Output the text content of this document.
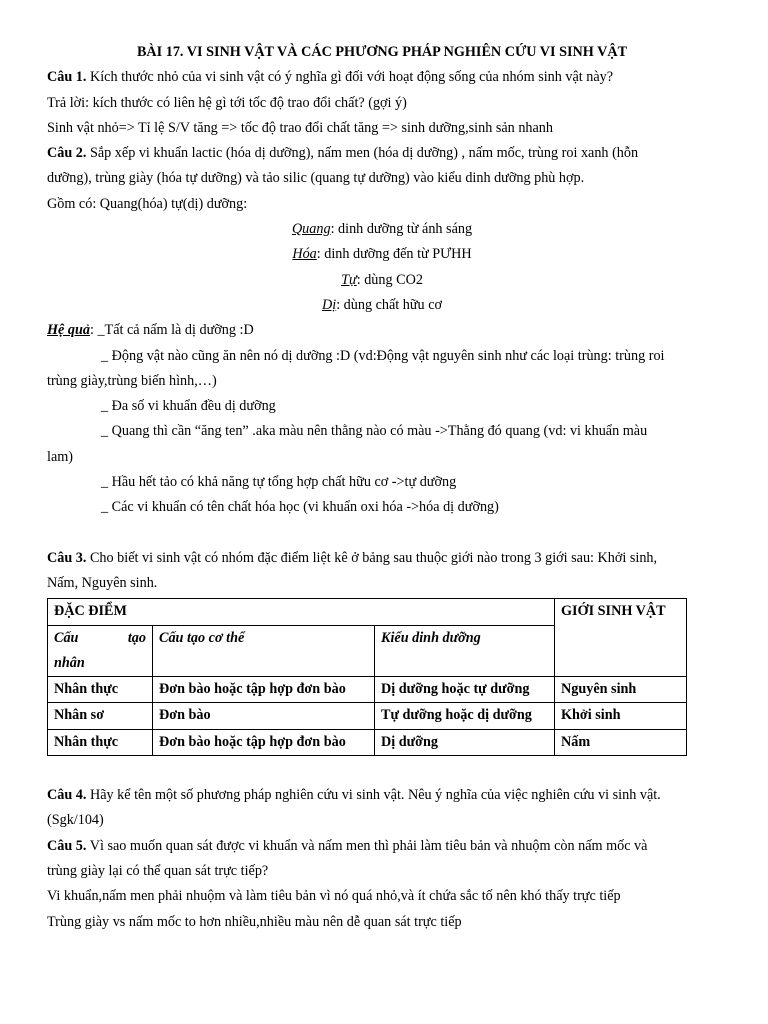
BÀI 17. VI SINH VẬT VÀ CÁC PHƯƠNG PHÁP NGHIÊN CỨU VI SINH VẬT
Câu 1. Kích thước nhỏ của vi sinh vật có ý nghĩa gì đối với hoạt động sống của nhóm sinh vật này?
Trả lời: kích thước có liên hệ gì tới tốc độ trao đổi chất? (gợi ý)
Sinh vật nhỏ=> Tỉ lệ S/V tăng => tốc độ trao đổi chất tăng => sinh dưỡng,sinh sản nhanh
Câu 2. Sắp xếp vi khuẩn lactic (hóa dị dưỡng), nấm men (hóa dị dưỡng) , nấm mốc, trùng roi xanh (hỗn
dưỡng), trùng giày (hóa tự dưỡng) và tảo silic (quang tự dưỡng) vào kiểu dinh dưỡng phù hợp.
Gồm có: Quang(hóa) tự(dị) dưỡng:
Quang: dinh dưỡng từ ánh sáng
Hóa: dinh dưỡng đến từ PƯHH
Tự: dùng CO2
Dị: dùng chất hữu cơ
Hệ quả: _Tất cả nấm là dị dưỡng :D
_ Động vật nào cũng ăn nên nó dị dưỡng :D (vd:Động vật nguyên sinh như các loại trùng: trùng roi
trùng giày,trùng biến hình,…)
_ Đa số vi khuẩn đều dị dưỡng
_ Quang thì cần “ăng ten” .aka màu nên thằng nào có màu ->Thằng đó quang (vd: vi khuẩn màu
lam)
_ Hầu hết tảo có khả năng tự tổng hợp chất hữu cơ ->tự dưỡng
_ Các vi khuẩn có tên chất hóa học (vi khuẩn oxi hóa ->hóa dị dưỡng)
Câu 3. Cho biết vi sinh vật có nhóm đặc điểm liệt kê ở bảng sau thuộc giới nào trong 3 giới sau: Khởi sinh,
Nấm, Nguyên sinh.
ĐẶC ĐIỂM			GIỚI SINH VẬT

Cấu tạo
nhân	Cấu tạo cơ thể	Kiểu dinh dưỡng	
Nhân thực	Đơn bào hoặc tập hợp đơn bào	Dị dưỡng hoặc tự dưỡng	Nguyên sinh
Nhân sơ	Đơn bào	Tự dưỡng hoặc dị dưỡng	Khởi sinh
Nhân thực	Đơn bào hoặc tập hợp đơn bào	Dị dưỡng	Nấm
Câu 4. Hãy kể tên một số phương pháp nghiên cứu vi sinh vật. Nêu ý nghĩa của việc nghiên cứu vi sinh vật.
(Sgk/104)
Câu 5. Vì sao muốn quan sát được vi khuẩn và nấm men thì phải làm tiêu bản và nhuộm còn nấm mốc và
trùng giày lại có thể quan sát trực tiếp?
Vi khuẩn,nấm men phải nhuộm và làm tiêu bản vì nó quá nhỏ,và ít chứa sắc tố nên khó thấy trực tiếp
Trùng giày vs nấm mốc to hơn nhiều,nhiều màu nên dễ quan sát trực tiếp
